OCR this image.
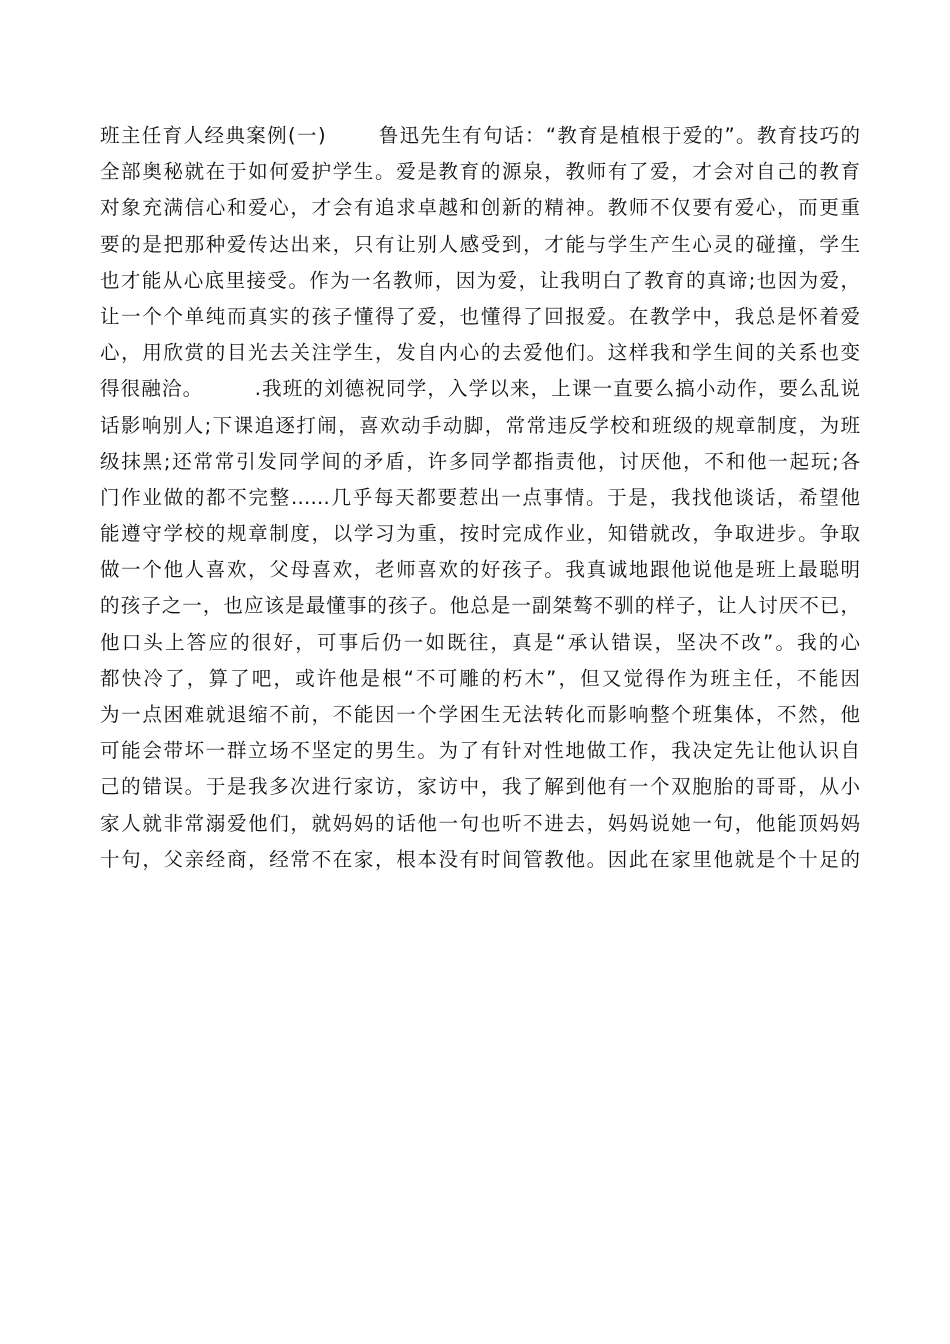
班主任育人经典案例(一)       鲁迅先生有句话：“教育是植根于爱的”。教育技巧的
全部奥秘就在于如何爱护学生。爱是教育的源泉，教师有了爱，才会对自己的教育
对象充满信心和爱心，才会有追求卓越和创新的精神。教师不仅要有爱心，而更重
要的是把那种爱传达出来，只有让别人感受到，才能与学生产生心灵的碰撞，学生
也才能从心底里接受。作为一名教师，因为爱，让我明白了教育的真谛;也因为爱，
让一个个单纯而真实的孩子懂得了爱，也懂得了回报爱。在教学中，我总是怀着爱
心，用欣赏的目光去关注学生，发自内心的去爱他们。这样我和学生间的关系也变
得很融洽。       .我班的刘德祝同学，入学以来，上课一直要么搞小动作，要么乱说
话影响别人;下课追逐打闹，喜欢动手动脚，常常违反学校和班级的规章制度，为班
级抹黑;还常常引发同学间的矛盾，许多同学都指责他，讨厌他，不和他一起玩;各
门作业做的都不完整……几乎每天都要惹出一点事情。于是，我找他谈话，希望他
能遵守学校的规章制度，以学习为重，按时完成作业，知错就改，争取进步。争取
做一个他人喜欢，父母喜欢，老师喜欢的好孩子。我真诚地跟他说他是班上最聪明
的孩子之一，也应该是最懂事的孩子。他总是一副桀骜不驯的样子，让人讨厌不已，
他口头上答应的很好，可事后仍一如既往，真是“承认错误，坚决不改”。我的心
都快冷了，算了吧，或许他是根“不可雕的朽木”，但又觉得作为班主任，不能因
为一点困难就退缩不前，不能因一个学困生无法转化而影响整个班集体，不然，他
可能会带坏一群立场不坚定的男生。为了有针对性地做工作，我决定先让他认识自
己的错误。于是我多次进行家访，家访中，我了解到他有一个双胞胎的哥哥，从小
家人就非常溺爱他们，就妈妈的话他一句也听不进去，妈妈说她一句，他能顶妈妈
十句，父亲经商，经常不在家，根本没有时间管教他。因此在家里他就是个十足的
